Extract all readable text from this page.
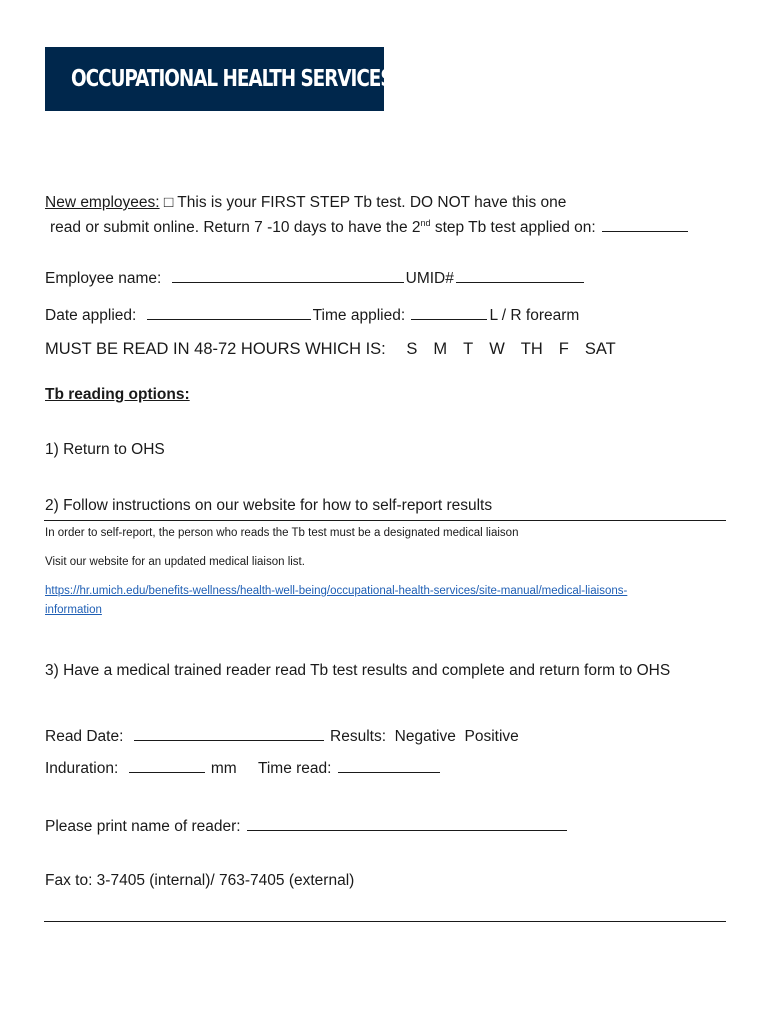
OCCUPATIONAL HEALTH SERVICES
New employees: □ This is your FIRST STEP Tb test. DO NOT have this one
read or submit online. Return 7 -10 days to have the 2nd step Tb test applied on:
Employee name:	UMID#
Date applied:	Time applied:	L / R forearm
MUST BE READ IN 48-72 HOURS WHICH IS: S M T W TH F SAT
Tb reading options:
1) Return to OHS
2) Follow instructions on our website for how to self-report results
In order to self-report, the person who reads the Tb test must be a designated medical liaison
Visit our website for an updated medical liaison list.
https://hr.umich.edu/benefits-wellness/health-well-being/occupational-health-services/site-manual/medical-liaisons-
information
3) Have a medical trained reader read Tb test results and complete and return form to OHS
Read Date:	Results: Negative Positive
Induration:	mm Time read:
Please print name of reader:
Fax to: 3-7405 (internal)/ 763-7405 (external)
